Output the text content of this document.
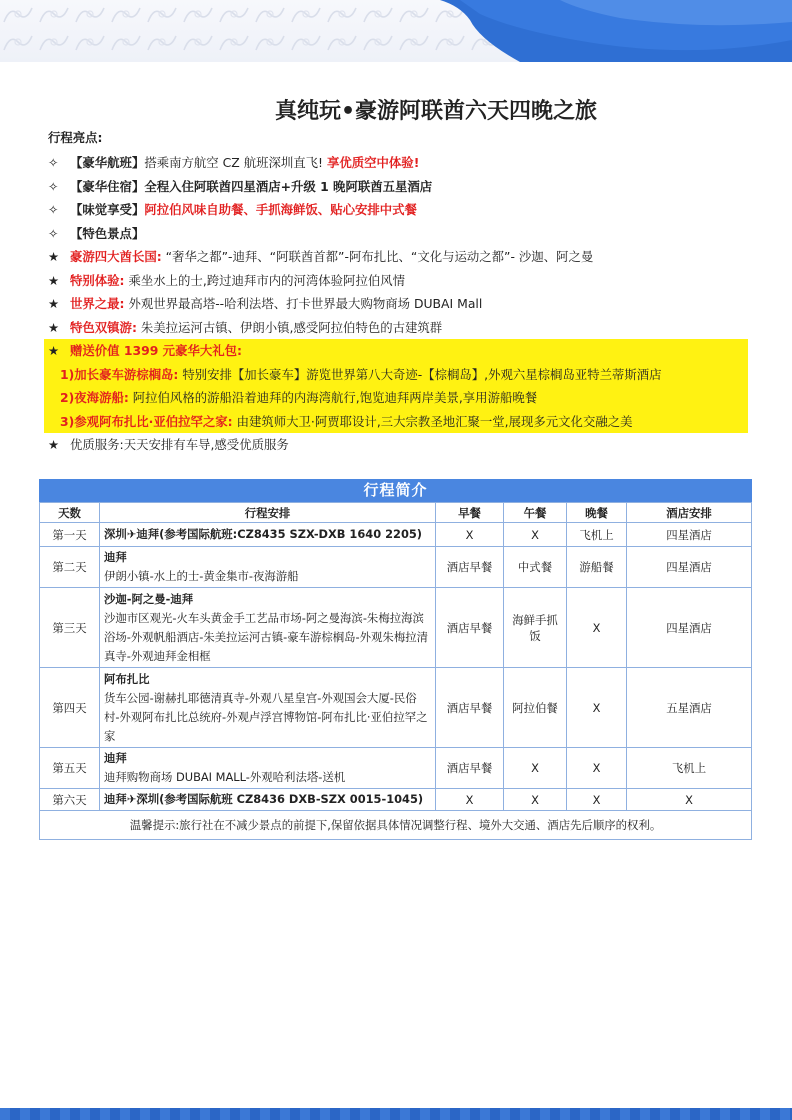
真纯玩•豪游阿联酋六天四晚之旅
行程亮点:
✧ 【豪华航班】搭乘南方航空 CZ 航班深圳直飞! 享优质空中体验!
✧ 【豪华住宿】全程入住阿联酋四星酒店+升级 1 晚阿联酋五星酒店
✧ 【味觉享受】阿拉伯风味自助餐、手抓海鲜饭、贴心安排中式餐
✧ 【特色景点】
★ 豪游四大酋长国: “奢华之都”-迪拜、“阿联酋首都”-阿布扎比、“文化与运动之都”- 沙迦、阿之曼
★ 特别体验: 乘坐水上的士,跨过迪拜市内的河湾体验阿拉伯风情
★ 世界之最: 外观世界最高塔--哈利法塔、打卡世界最大购物商场 DUBAI Mall
★ 特色双镇游: 朱美拉运河古镇、伊朗小镇,感受阿拉伯特色的古建筑群
★ 赠送价值 1399 元豪华大礼包:
1)加长豪车游棕榈岛: 特别安排【加长豪车】游览世界第八大奇迹-【棕榈岛】,外观六星棕榈岛亚特兰蒂斯酒店
2)夜海游船: 阿拉伯风格的游船沿着迪拜的内海湾航行,饱览迪拜两岸美景,享用游船晚餐
3)参观阿布扎比·亚伯拉罕之家: 由建筑师大卫·阿贾耶设计,三大宗教圣地汇聚一堂,展现多元文化交融之美
★ 优质服务:天天安排有车导,感受优质服务
行程简介
天数	行程安排	早餐	午餐	晚餐	酒店安排
第一天	深圳✈迪拜(参考国际航班:CZ8435 SZX-DXB 1640 2205)	X	X	飞机上	四星酒店
第二天	迪拜
伊朗小镇-水上的士-黄金集市-夜海游船	酒店早餐	中式餐	游船餐	四星酒店
第三天	沙迦-阿之曼-迪拜
沙迦市区观光-火车头黄金手工艺品市场-阿之曼海滨-朱梅拉海滨浴场-外观帆船酒店-朱美拉运河古镇-豪车游棕榈岛-外观朱梅拉清真寺-外观迪拜金相框	酒店早餐	海鲜手抓饭	X	四星酒店
第四天	阿布扎比
货车公园-谢赫扎耶德清真寺-外观八星皇宫-外观国会大厦-民俗村-外观阿布扎比总统府-外观卢浮宫博物馆-阿布扎比·亚伯拉罕之家	酒店早餐	阿拉伯餐	X	五星酒店
第五天	迪拜
迪拜购物商场 DUBAI MALL-外观哈利法塔-送机	酒店早餐	X	X	飞机上
第六天	迪拜✈深圳(参考国际航班 CZ8436 DXB-SZX 0015-1045)	X	X	X	X
温馨提示:旅行社在不减少景点的前提下,保留依据具体情况调整行程、境外大交通、酒店先后顺序的权利。					
